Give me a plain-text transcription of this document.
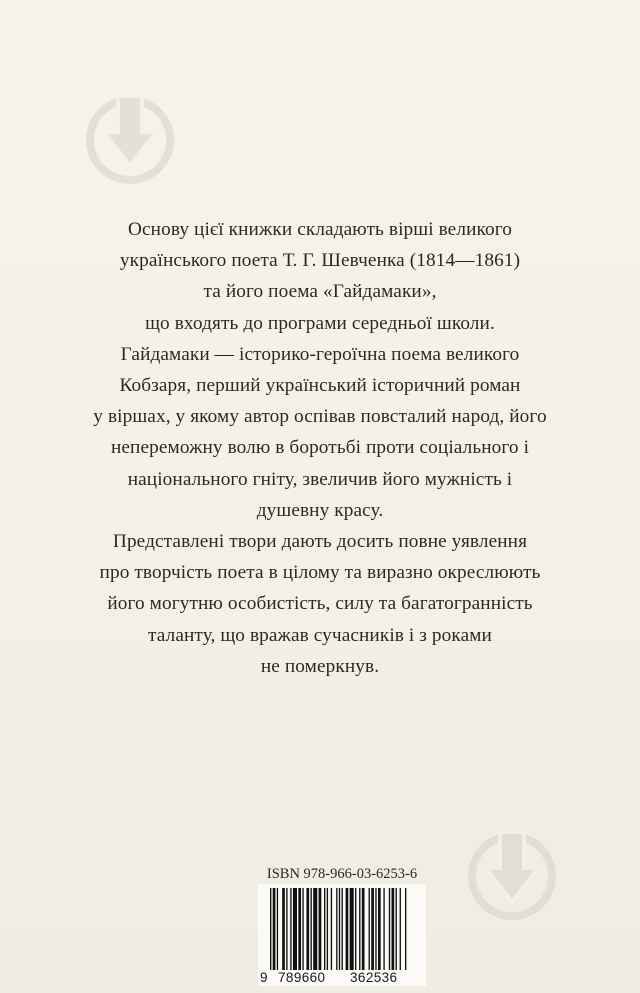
Основу цієї книжки складають вірші великого
українського поета Т. Г. Шевченка (1814—1861)
та його поема «Гайдамаки»,
що входять до програми середньої школи.

Гайдамаки — історико-героїчна поема великого
Кобзаря, перший український історичний роман
у віршах, у якому автор оспівав повсталий народ, його
непереможну волю в боротьбі проти соціального і
національного гніту, звеличив його мужність і
душевну красу.

Представлені твори дають досить повне уявлення
про творчість поета в цілому та виразно окреслюють
його могутню особистість, силу та багатогранність
таланту, що вражав сучасників і з роками
не померкнув.

ISBN 978-966-03-6253-6
9 789660 362536
